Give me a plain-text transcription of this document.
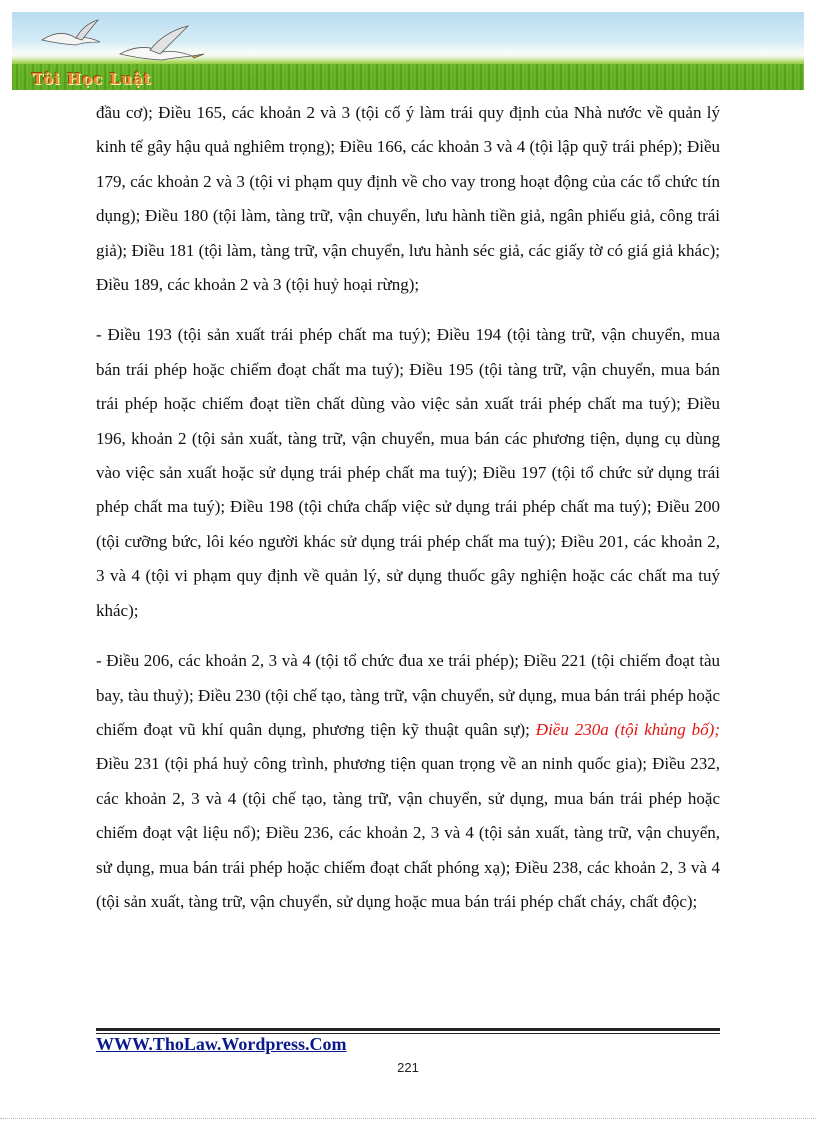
Tôi Học Luật

đầu cơ); Điều 165, các khoản 2 và 3 (tội cố ý làm trái quy định của Nhà nước về quản lý kinh tế gây hậu quả nghiêm trọng); Điều 166, các khoản 3 và 4 (tội lập quỹ trái phép); Điều 179, các khoản 2 và 3 (tội vi phạm quy định về cho vay trong hoạt động của các tổ chức tín dụng); Điều 180 (tội làm, tàng trữ, vận chuyển, lưu hành tiền giả, ngân phiếu giả, công trái giả); Điều 181 (tội làm, tàng trữ, vận chuyển, lưu hành séc giả, các giấy tờ có giá giả khác); Điều 189, các khoản 2 và 3 (tội huỷ hoại rừng);

- Điều 193 (tội sản xuất trái phép chất ma tuý); Điều 194 (tội tàng trữ, vận chuyển, mua bán trái phép hoặc chiếm đoạt chất ma tuý); Điều 195 (tội tàng trữ, vận chuyển, mua bán trái phép hoặc chiếm đoạt tiền chất dùng vào việc sản xuất trái phép chất ma tuý); Điều 196, khoản 2 (tội sản xuất, tàng trữ, vận chuyển, mua bán các phương tiện, dụng cụ dùng vào việc sản xuất hoặc sử dụng trái phép chất ma tuý); Điều 197 (tội tổ chức sử dụng trái phép chất ma tuý); Điều 198 (tội chứa chấp việc sử dụng trái phép chất ma tuý); Điều 200 (tội cưỡng bức, lôi kéo người khác sử dụng trái phép chất ma tuý); Điều 201, các khoản 2, 3 và 4 (tội vi phạm quy định về quản lý, sử dụng thuốc gây nghiện hoặc các chất ma tuý khác);

- Điều 206, các khoản 2, 3 và 4 (tội tổ chức đua xe trái phép); Điều 221 (tội chiếm đoạt tàu bay, tàu thuỷ); Điều 230 (tội chế tạo, tàng trữ, vận chuyển, sử dụng, mua bán trái phép hoặc chiếm đoạt vũ khí quân dụng, phương tiện kỹ thuật quân sự); Điều 230a (tội khủng bố); Điều 231 (tội phá huỷ công trình, phương tiện quan trọng về an ninh quốc gia); Điều 232, các khoản 2, 3 và 4 (tội chế tạo, tàng trữ, vận chuyển, sử dụng, mua bán trái phép hoặc chiếm đoạt vật liệu nổ); Điều 236, các khoản 2, 3 và 4 (tội sản xuất, tàng trữ, vận chuyển, sử dụng, mua bán trái phép hoặc chiếm đoạt chất phóng xạ); Điều 238, các khoản 2, 3 và 4 (tội sản xuất, tàng trữ, vận chuyển, sử dụng hoặc mua bán trái phép chất cháy, chất độc);

WWW.ThoLaw.Wordpress.Com
221
